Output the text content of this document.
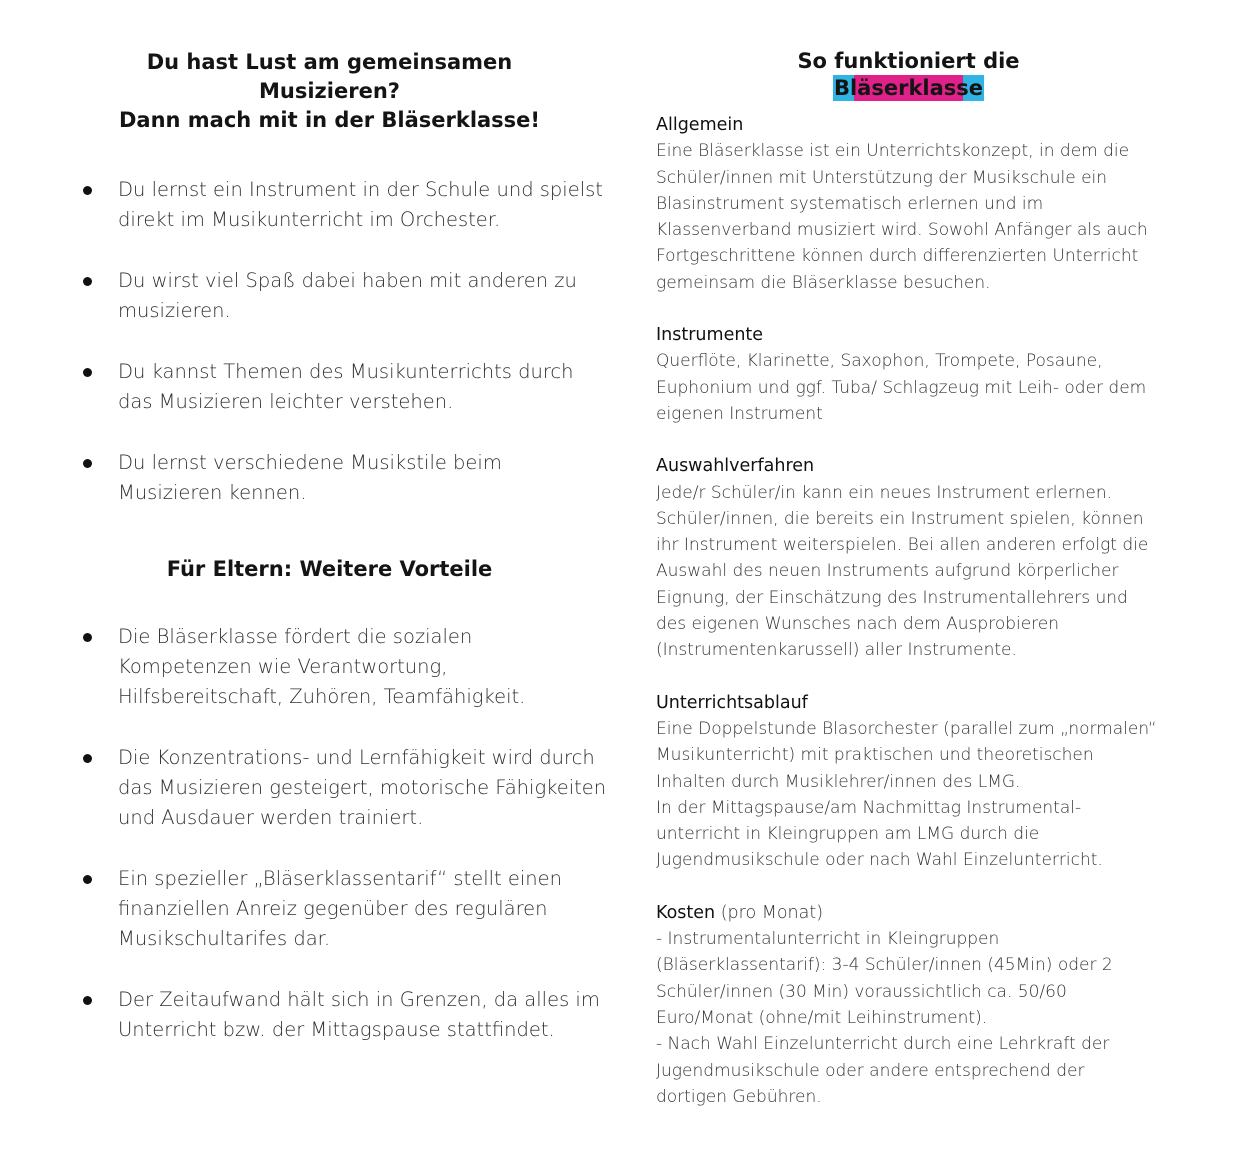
Du hast Lust am gemeinsamen
Musizieren?
Dann mach mit in der Bläserklasse!
Du lernst ein Instrument in der Schule und spielst direkt im Musikunterricht im Orchester.
Du wirst viel Spaß dabei haben mit anderen zu musizieren.
Du kannst Themen des Musikunterrichts durch das Musizieren leichter verstehen.
Du lernst verschiedene Musikstile beim Musizieren kennen.
Für Eltern: Weitere Vorteile
Die Bläserklasse fördert die sozialen Kompetenzen wie Verantwortung, Hilfsbereitschaft, Zuhören, Teamfähigkeit.
Die Konzentrations- und Lernfähigkeit wird durch das Musizieren gesteigert, motorische Fähigkeiten und Ausdauer werden trainiert.
Ein spezieller „Bläserklassentarif“ stellt einen finanziellen Anreiz gegenüber des regulären Musikschultarifes dar.
Der Zeitaufwand hält sich in Grenzen, da alles im Unterricht bzw. der Mittagspause stattfindet.
So funktioniert die
Bläserklasse
Allgemein

Eine Bläserklasse ist ein Unterrichtskonzept, in dem die

Schüler/innen mit Unterstützung der Musikschule ein

Blasinstrument systematisch erlernen und im

Klassenverband musiziert wird. Sowohl Anfänger als auch

Fortgeschrittene können durch differenzierten Unterricht

gemeinsam die Bläserklasse besuchen.

Instrumente

Querflöte, Klarinette, Saxophon, Trompete, Posaune,

Euphonium und ggf. Tuba/ Schlagzeug mit Leih- oder dem

eigenen Instrument

Auswahlverfahren

Jede/r Schüler/in kann ein neues Instrument erlernen.

Schüler/innen, die bereits ein Instrument spielen, können

ihr Instrument weiterspielen. Bei allen anderen erfolgt die

Auswahl des neuen Instruments aufgrund körperlicher

Eignung, der Einschätzung des Instrumentallehrers und

des eigenen Wunsches nach dem Ausprobieren

(Instrumentenkarussell) aller Instrumente.

Unterrichtsablauf

Eine Doppelstunde Blasorchester (parallel zum „normalen“

Musikunterricht) mit praktischen und theoretischen

Inhalten durch Musiklehrer/innen des LMG.

In der Mittagspause/am Nachmittag Instrumental-

unterricht in Kleingruppen am LMG durch die

Jugendmusikschule oder nach Wahl Einzelunterricht.

Kosten (pro Monat)

- Instrumentalunterricht in Kleingruppen

(Bläserklassentarif): 3-4 Schüler/innen (45Min) oder 2

Schüler/innen (30 Min) voraussichtlich ca. 50/60

Euro/Monat (ohne/mit Leihinstrument).

- Nach Wahl Einzelunterricht durch eine Lehrkraft der

Jugendmusikschule oder andere entsprechend der

dortigen Gebühren.
